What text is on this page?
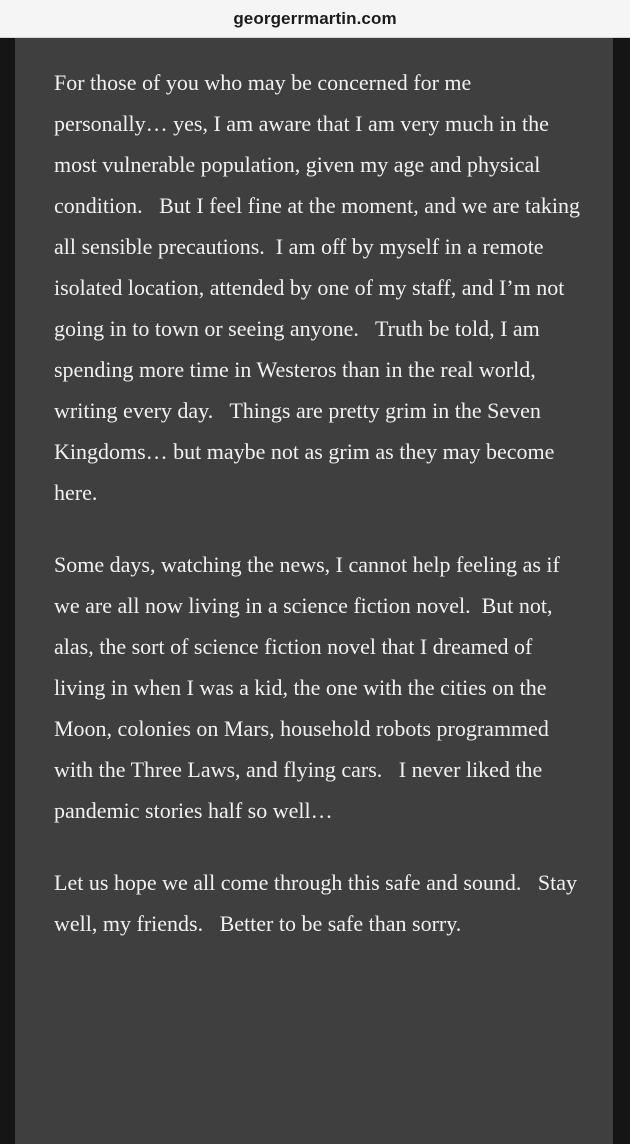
georgerrmartin.com

For those of you who may be concerned for me personally… yes, I am aware that I am very much in the most vulnerable population, given my age and physical condition.   But I feel fine at the moment, and we are taking all sensible precautions.  I am off by myself in a remote isolated location, attended by one of my staff, and I’m not going in to town or seeing anyone.   Truth be told, I am spending more time in Westeros than in the real world, writing every day.   Things are pretty grim in the Seven Kingdoms… but maybe not as grim as they may become here.

Some days, watching the news, I cannot help feeling as if we are all now living in a science fiction novel.  But not, alas, the sort of science fiction novel that I dreamed of living in when I was a kid, the one with the cities on the Moon, colonies on Mars, household robots programmed with the Three Laws, and flying cars.   I never liked the pandemic stories half so well…

Let us hope we all come through this safe and sound.   Stay well, my friends.   Better to be safe than sorry.
